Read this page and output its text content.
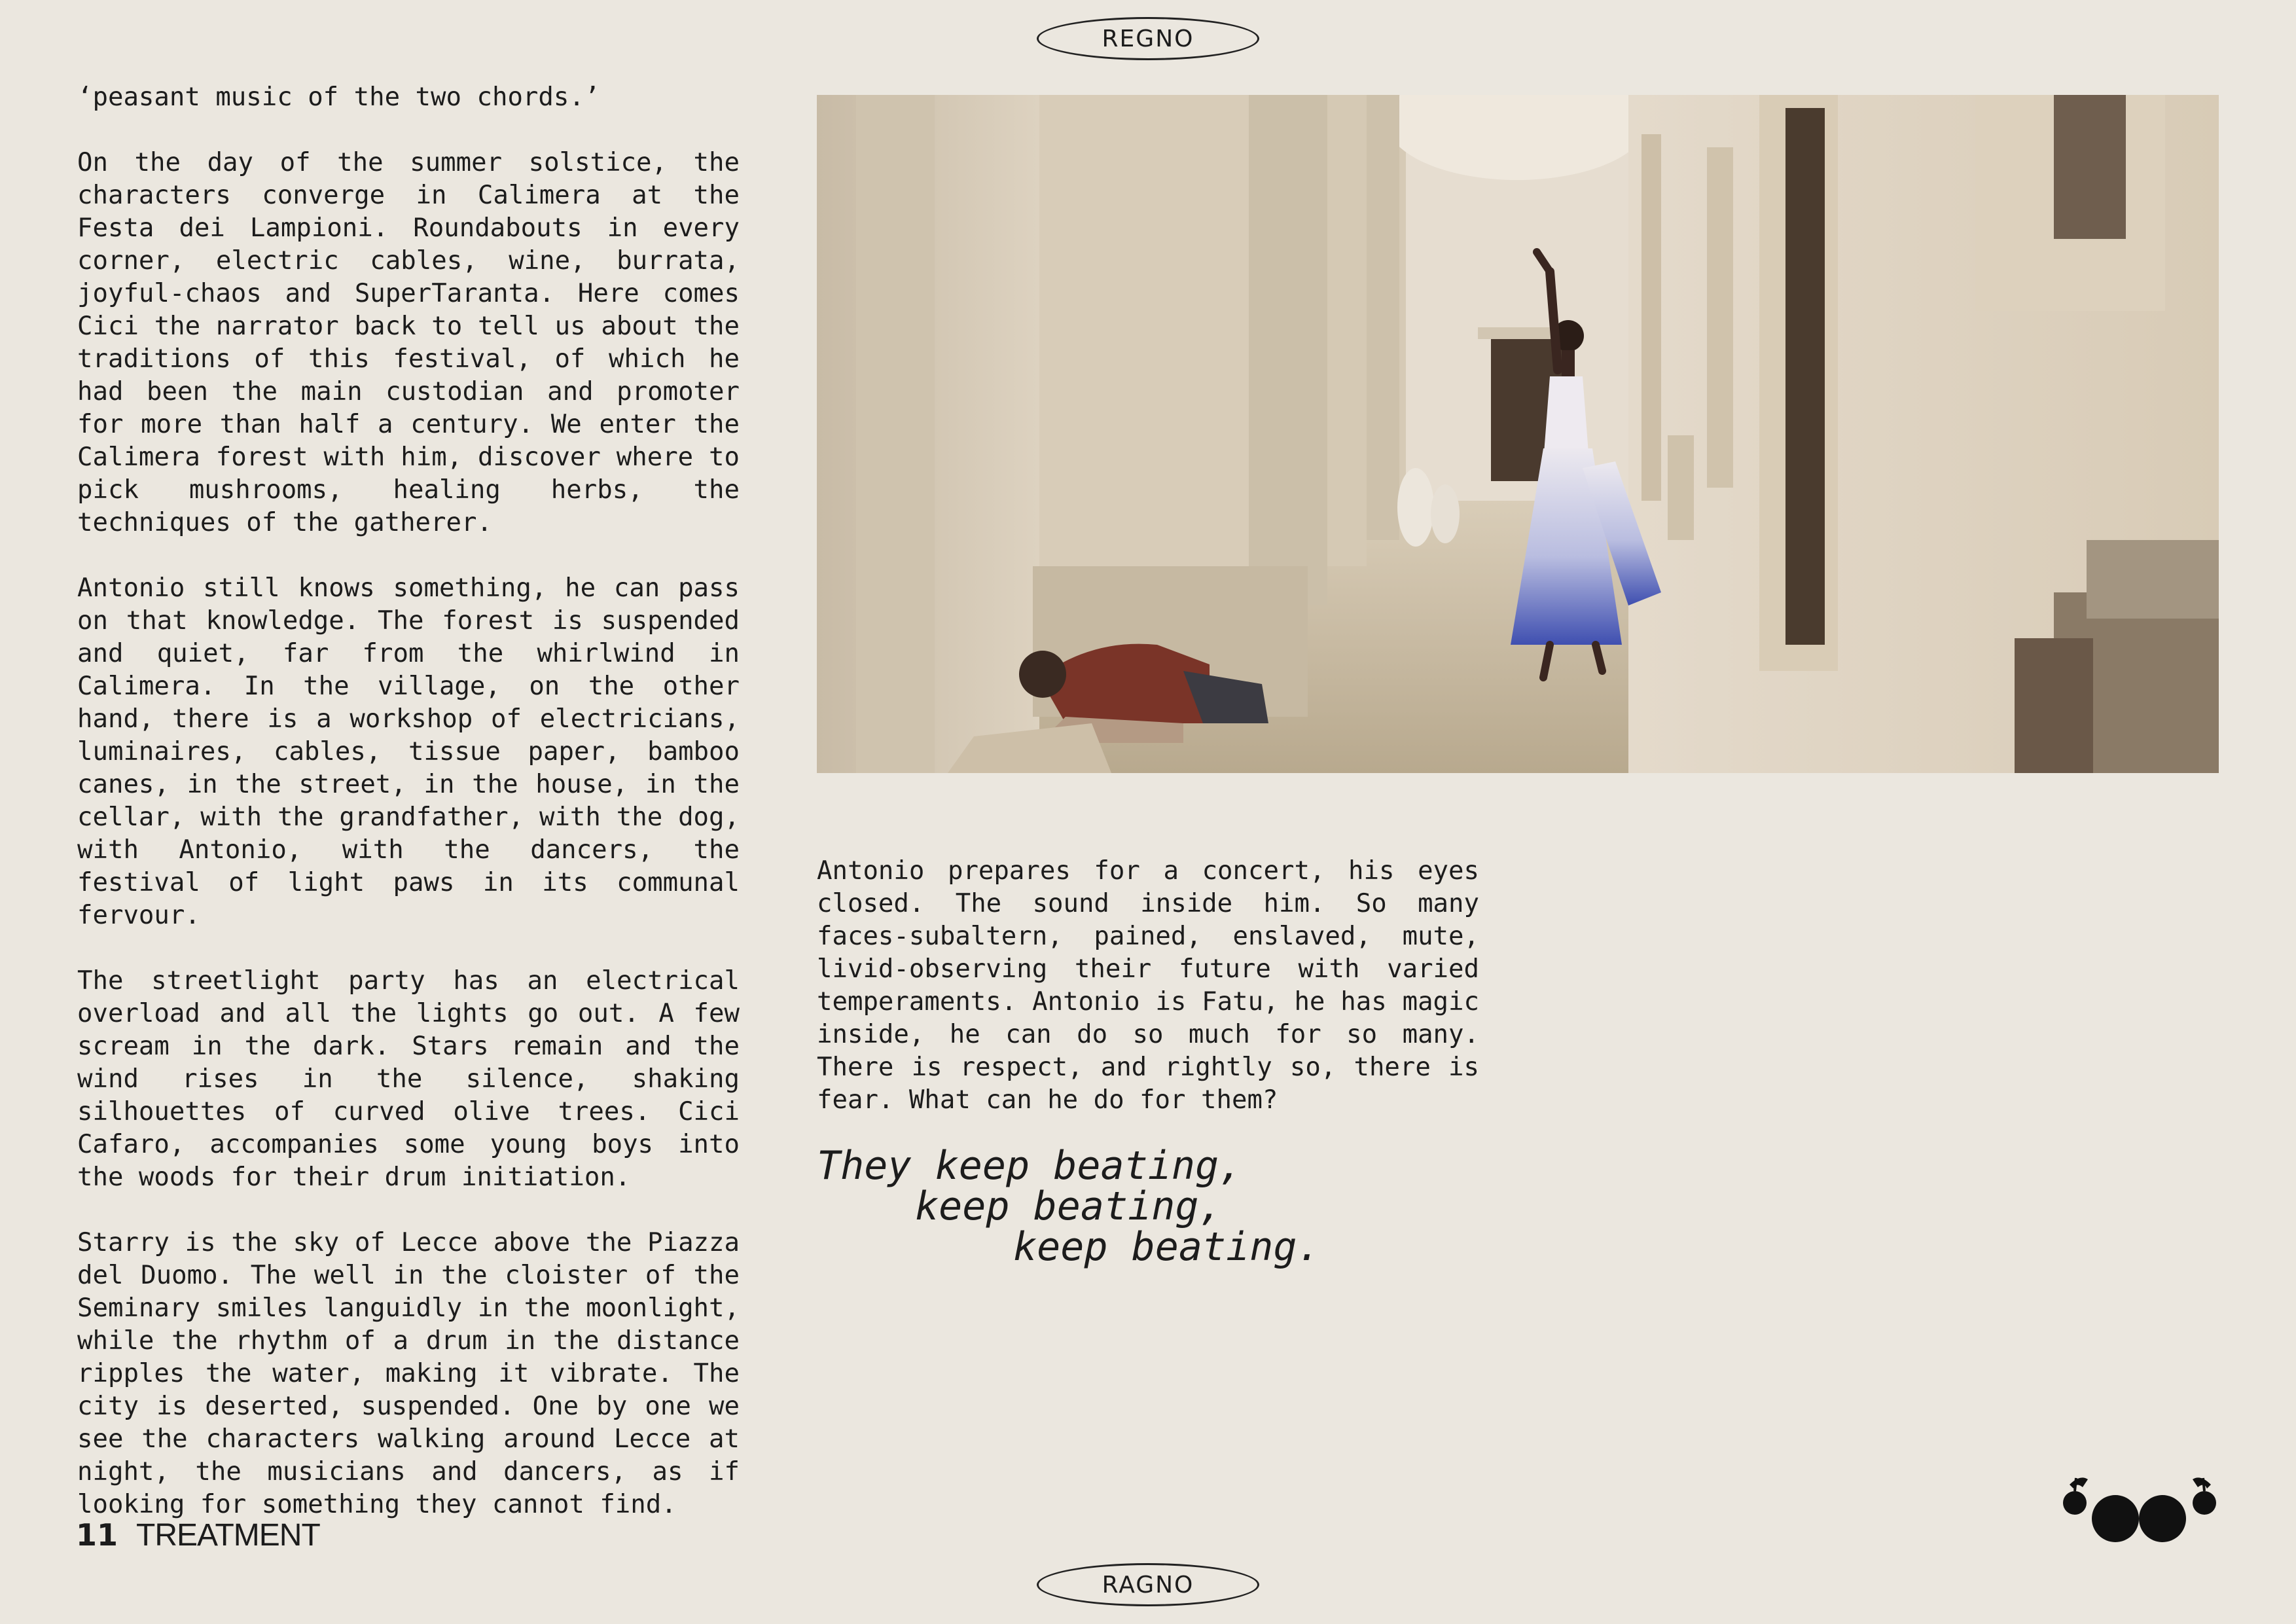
REGNO

‘peasant music of the two chords.’

On the day of the summer solstice, the characters converge in Calimera at the Festa dei Lampioni. Roundabouts in every corner, electric cables, wine, burrata, joyful-chaos and SuperTaranta. Here comes Cici the narrator back to tell us about the traditions of this festival, of which he had been the main custodian and promoter for more than half a century. We enter the Calimera forest with him, discover where to pick mushrooms, healing herbs, the techniques of the gatherer.

Antonio still knows something, he can pass on that knowledge. The forest is suspended and quiet, far from the whirlwind in Calimera. In the village, on the other hand, there is a workshop of electricians, luminaires, cables, tissue paper, bamboo canes, in the street, in the house, in the cellar, with the grandfather, with the dog, with Antonio, with the dancers, the festival of light paws in its communal fervour.

The streetlight party has an electrical overload and all the lights go out. A few scream in the dark. Stars remain and the wind rises in the silence, shaking silhouettes of curved olive trees. Cici Cafaro, accompanies some young boys into the woods for their drum initiation.

Starry is the sky of Lecce above the Piazza del Duomo. The well in the cloister of the Seminary smiles languidly in the moonlight, while the rhythm of a drum in the distance ripples the water, making it vibrate. The city is deserted, suspended. One by one we see the characters walking around Lecce at night, the musicians and dancers, as if looking for something they cannot find.

Antonio prepares for a concert, his eyes closed. The sound inside him. So many faces-subaltern, pained, enslaved, mute, livid-observing their future with varied temperaments. Antonio is Fatu, he has magic inside, he can do so much for so many. There is respect, and rightly so, there is fear. What can he do for them?

They keep beating,
keep beating,
keep beating.
11 TREATMENT
RAGNO
